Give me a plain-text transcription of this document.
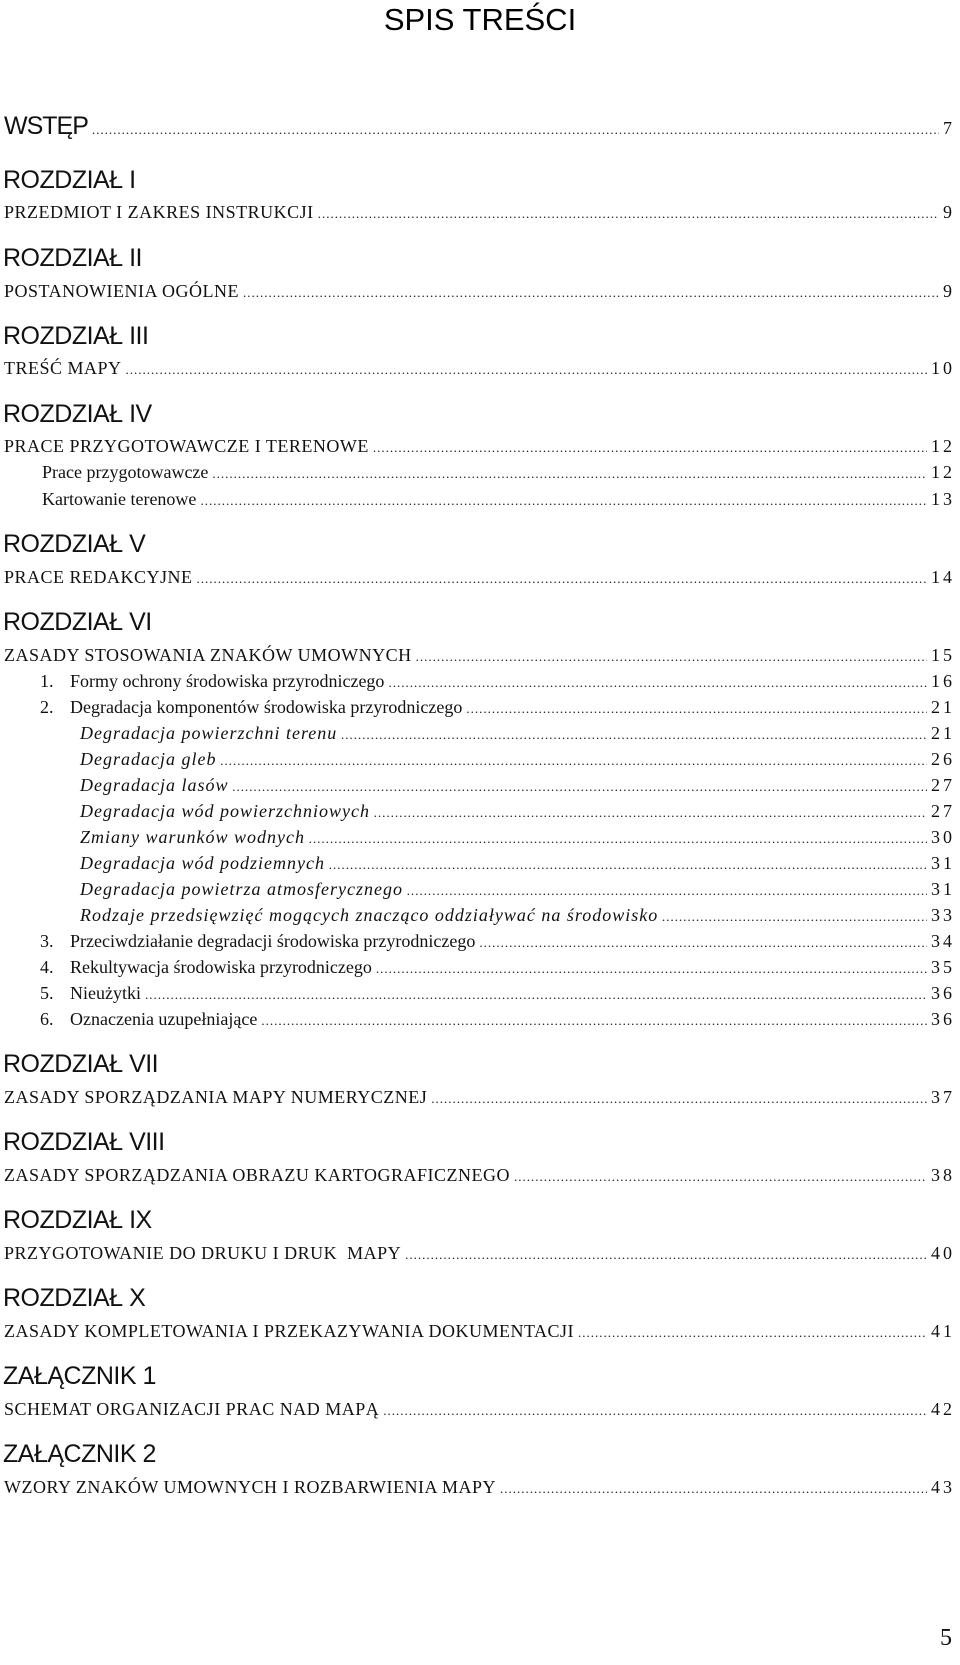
SPIS TREŚCI
WSTĘP .....	7
ROZDZIAŁ I
PRZEDMIOT I ZAKRES INSTRUKCJI .....	9
ROZDZIAŁ II
POSTANOWIENIA OGÓLNE .....	9
ROZDZIAŁ III
TREŚĆ MAPY .....	10
ROZDZIAŁ IV
PRACE PRZYGOTOWAWCZE I TERENOWE .....	12
Prace przygotowawcze .....	12
Kartowanie terenowe .....	13
ROZDZIAŁ V
PRACE REDAKCYJNE .....	14
ROZDZIAŁ VI
ZASADY STOSOWANIA ZNAKÓW UMOWNYCH .....	15
1. Formy ochrony środowiska przyrodniczego .....	16
2. Degradacja komponentów środowiska przyrodniczego .....	21
Degradacja powierzchni terenu .....	21
Degradacja gleb .....	26
Degradacja lasów .....	27
Degradacja wód powierzchniowych .....	27
Zmiany warunków wodnych .....	30
Degradacja wód podziemnych .....	31
Degradacja powietrza atmosferycznego .....	31
Rodzaje przedsięwzięć mogących znacząco oddziaływać na środowisko .....	33
3. Przeciwdziałanie degradacji środowiska przyrodniczego .....	34
4. Rekultywacja środowiska przyrodniczego .....	35
5. Nieużytki .....	36
6. Oznaczenia uzupełniające .....	36
ROZDZIAŁ VII
ZASADY SPORZĄDZANIA MAPY NUMERYCZNEJ .....	37
ROZDZIAŁ VIII
ZASADY SPORZĄDZANIA OBRAZU KARTOGRAFICZNEGO .....	38
ROZDZIAŁ IX
PRZYGOTOWANIE DO DRUKU I DRUK  MAPY .....	40
ROZDZIAŁ X
ZASADY KOMPLETOWANIA I PRZEKAZYWANIA DOKUMENTACJI .....	41
ZAŁĄCZNIK 1
SCHEMAT ORGANIZACJI PRAC NAD MAPĄ .....	42
ZAŁĄCZNIK 2
WZORY ZNAKÓW UMOWNYCH I ROZBARWIENIA MAPY .....	43
5
